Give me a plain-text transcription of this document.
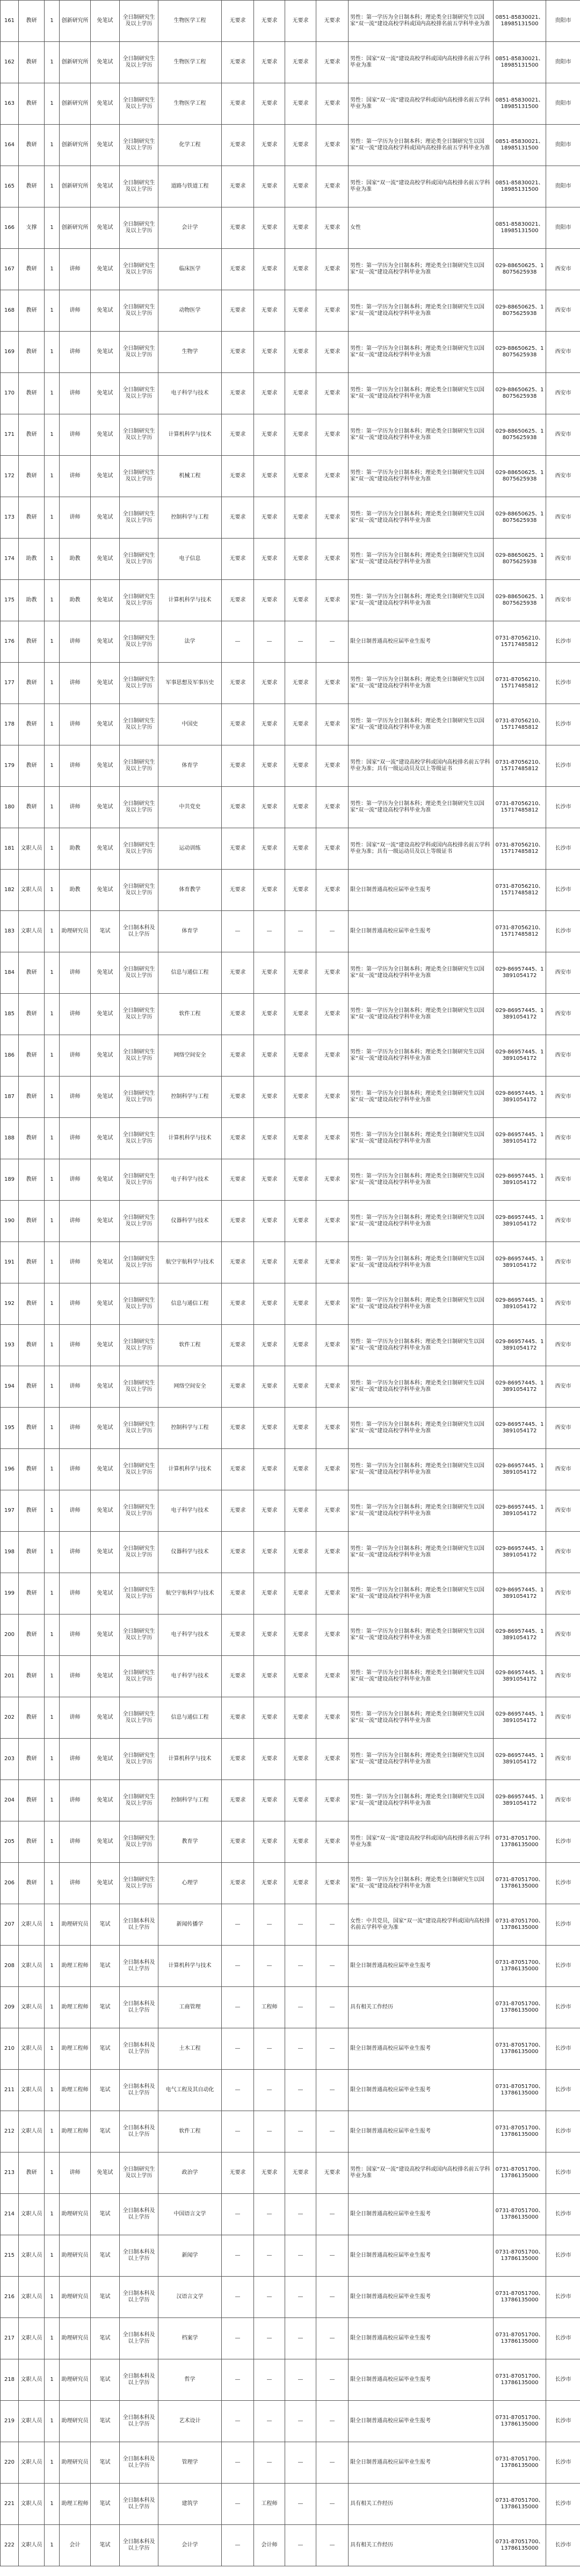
161	教研	1	创新研究所	免笔试	全日制研究生及以上学历	生物医学工程	无要求	无要求	无要求	无要求	男性：第一学历为全日制本科；理论类全日制研究生以国家“双一流”建设高校学科或国内高校排名前五学科毕业为准	0851-85830021、18985131500	贵阳市
162	教研	1	创新研究所	免笔试	全日制研究生及以上学历	生物医学工程	无要求	无要求	无要求	无要求	男性：国家“双一流”建设高校学科或国内高校排名前五学科毕业为准	0851-85830021、18985131500	贵阳市
163	教研	1	创新研究所	免笔试	全日制研究生及以上学历	生物医学工程	无要求	无要求	无要求	无要求	男性：国家“双一流”建设高校学科或国内高校排名前五学科毕业为准	0851-85830021、18985131500	贵阳市
164	教研	1	创新研究所	免笔试	全日制研究生及以上学历	化学工程	无要求	无要求	无要求	无要求	男性：第一学历为全日制本科；理论类全日制研究生以国家“双一流”建设高校学科或国内高校排名前五学科毕业为准	0851-85830021、18985131500	贵阳市
165	教研	1	创新研究所	免笔试	全日制研究生及以上学历	道路与铁道工程	无要求	无要求	无要求	无要求	男性：国家“双一流”建设高校学科或国内高校排名前五学科毕业为准	0851-85830021、18985131500	贵阳市
166	支撑	1	创新研究所	免笔试	全日制研究生及以上学历	会计学	无要求	无要求	无要求	无要求	女性	0851-85830021、18985131500	贵阳市
167	教研	1	讲师	免笔试	全日制研究生及以上学历	临床医学	无要求	无要求	无要求	无要求	男性：第一学历为全日制本科；理论类全日制研究生以国家“双一流”建设高校学科毕业为准	029-88650625、18075625938	西安市
168	教研	1	讲师	免笔试	全日制研究生及以上学历	动物医学	无要求	无要求	无要求	无要求	男性：第一学历为全日制本科；理论类全日制研究生以国家“双一流”建设高校学科毕业为准	029-88650625、18075625938	西安市
169	教研	1	讲师	免笔试	全日制研究生及以上学历	生物学	无要求	无要求	无要求	无要求	男性：第一学历为全日制本科；理论类全日制研究生以国家“双一流”建设高校学科毕业为准	029-88650625、18075625938	西安市
170	教研	1	讲师	免笔试	全日制研究生及以上学历	电子科学与技术	无要求	无要求	无要求	无要求	男性：第一学历为全日制本科；理论类全日制研究生以国家“双一流”建设高校学科毕业为准	029-88650625、18075625938	西安市
171	教研	1	讲师	免笔试	全日制研究生及以上学历	计算机科学与技术	无要求	无要求	无要求	无要求	男性：第一学历为全日制本科；理论类全日制研究生以国家“双一流”建设高校学科毕业为准	029-88650625、18075625938	西安市
172	教研	1	讲师	免笔试	全日制研究生及以上学历	机械工程	无要求	无要求	无要求	无要求	男性：第一学历为全日制本科；理论类全日制研究生以国家“双一流”建设高校学科毕业为准	029-88650625、18075625938	西安市
173	教研	1	讲师	免笔试	全日制研究生及以上学历	控制科学与工程	无要求	无要求	无要求	无要求	男性：第一学历为全日制本科；理论类全日制研究生以国家“双一流”建设高校学科毕业为准	029-88650625、18075625938	西安市
174	助教	1	助教	免笔试	全日制研究生及以上学历	电子信息	无要求	无要求	无要求	无要求	男性：第一学历为全日制本科；理论类全日制研究生以国家“双一流”建设高校学科毕业为准	029-88650625、18075625938	西安市
175	助教	1	助教	免笔试	全日制研究生及以上学历	计算机科学与技术	无要求	无要求	无要求	无要求	男性：第一学历为全日制本科；理论类全日制研究生以国家“双一流”建设高校学科毕业为准	029-88650625、18075625938	西安市
176	教研	1	讲师	免笔试	全日制研究生及以上学历	法学	—	—	—	—	限全日制普通高校应届毕业生报考	0731-87056210、15717485812	长沙市
177	教研	1	讲师	免笔试	全日制研究生及以上学历	军事思想及军事历史	无要求	无要求	无要求	无要求	男性：第一学历为全日制本科；理论类全日制研究生以国家“双一流”建设高校学科毕业为准	0731-87056210、15717485812	长沙市
178	教研	1	讲师	免笔试	全日制研究生及以上学历	中国史	无要求	无要求	无要求	无要求	男性：第一学历为全日制本科；理论类全日制研究生以国家“双一流”建设高校学科毕业为准	0731-87056210、15717485812	长沙市
179	教研	1	讲师	免笔试	全日制研究生及以上学历	体育学	无要求	无要求	无要求	无要求	男性：国家“双一流”建设高校学科或国内高校排名前五学科毕业为准；具有一级运动员及以上等级证书	0731-87056210、15717485812	长沙市
180	教研	1	讲师	免笔试	全日制研究生及以上学历	中共党史	无要求	无要求	无要求	无要求	男性：第一学历为全日制本科；理论类全日制研究生以国家“双一流”建设高校学科毕业为准	0731-87056210、15717485812	长沙市
181	文职人员	1	助教	免笔试	全日制研究生及以上学历	运动训练	无要求	无要求	无要求	无要求	男性：国家“双一流”建设高校学科或国内高校排名前五学科毕业为准；具有一级运动员及以上等级证书	0731-87056210、15717485812	长沙市
182	文职人员	1	助教	免笔试	全日制研究生及以上学历	体育教学	无要求	无要求	无要求	无要求	限全日制普通高校应届毕业生报考	0731-87056210、15717485812	长沙市
183	文职人员	1	助理研究员	笔试	全日制本科及以上学历	体育学	—	—	—	—	限全日制普通高校应届毕业生报考	0731-87056210、15717485812	长沙市
184	教研	1	讲师	免笔试	全日制研究生及以上学历	信息与通信工程	无要求	无要求	无要求	无要求	男性：第一学历为全日制本科；理论类全日制研究生以国家“双一流”建设高校学科毕业为准	029-86957445、13891054172	西安市
185	教研	1	讲师	免笔试	全日制研究生及以上学历	软件工程	无要求	无要求	无要求	无要求	男性：第一学历为全日制本科；理论类全日制研究生以国家“双一流”建设高校学科毕业为准	029-86957445、13891054172	西安市
186	教研	1	讲师	免笔试	全日制研究生及以上学历	网络空间安全	无要求	无要求	无要求	无要求	男性：第一学历为全日制本科；理论类全日制研究生以国家“双一流”建设高校学科毕业为准	029-86957445、13891054172	西安市
187	教研	1	讲师	免笔试	全日制研究生及以上学历	控制科学与工程	无要求	无要求	无要求	无要求	男性：第一学历为全日制本科；理论类全日制研究生以国家“双一流”建设高校学科毕业为准	029-86957445、13891054172	西安市
188	教研	1	讲师	免笔试	全日制研究生及以上学历	计算机科学与技术	无要求	无要求	无要求	无要求	男性：第一学历为全日制本科；理论类全日制研究生以国家“双一流”建设高校学科毕业为准	029-86957445、13891054172	西安市
189	教研	1	讲师	免笔试	全日制研究生及以上学历	电子科学与技术	无要求	无要求	无要求	无要求	男性：第一学历为全日制本科；理论类全日制研究生以国家“双一流”建设高校学科毕业为准	029-86957445、13891054172	西安市
190	教研	1	讲师	免笔试	全日制研究生及以上学历	仪器科学与技术	无要求	无要求	无要求	无要求	男性：第一学历为全日制本科；理论类全日制研究生以国家“双一流”建设高校学科毕业为准	029-86957445、13891054172	西安市
191	教研	1	讲师	免笔试	全日制研究生及以上学历	航空宇航科学与技术	无要求	无要求	无要求	无要求	男性：第一学历为全日制本科；理论类全日制研究生以国家“双一流”建设高校学科毕业为准	029-86957445、13891054172	西安市
192	教研	1	讲师	免笔试	全日制研究生及以上学历	信息与通信工程	无要求	无要求	无要求	无要求	男性：第一学历为全日制本科；理论类全日制研究生以国家“双一流”建设高校学科毕业为准	029-86957445、13891054172	西安市
193	教研	1	讲师	免笔试	全日制研究生及以上学历	软件工程	无要求	无要求	无要求	无要求	男性：第一学历为全日制本科；理论类全日制研究生以国家“双一流”建设高校学科毕业为准	029-86957445、13891054172	西安市
194	教研	1	讲师	免笔试	全日制研究生及以上学历	网络空间安全	无要求	无要求	无要求	无要求	男性：第一学历为全日制本科；理论类全日制研究生以国家“双一流”建设高校学科毕业为准	029-86957445、13891054172	西安市
195	教研	1	讲师	免笔试	全日制研究生及以上学历	控制科学与工程	无要求	无要求	无要求	无要求	男性：第一学历为全日制本科；理论类全日制研究生以国家“双一流”建设高校学科毕业为准	029-86957445、13891054172	西安市
196	教研	1	讲师	免笔试	全日制研究生及以上学历	计算机科学与技术	无要求	无要求	无要求	无要求	男性：第一学历为全日制本科；理论类全日制研究生以国家“双一流”建设高校学科毕业为准	029-86957445、13891054172	西安市
197	教研	1	讲师	免笔试	全日制研究生及以上学历	电子科学与技术	无要求	无要求	无要求	无要求	男性：第一学历为全日制本科；理论类全日制研究生以国家“双一流”建设高校学科毕业为准	029-86957445、13891054172	西安市
198	教研	1	讲师	免笔试	全日制研究生及以上学历	仪器科学与技术	无要求	无要求	无要求	无要求	男性：第一学历为全日制本科；理论类全日制研究生以国家“双一流”建设高校学科毕业为准	029-86957445、13891054172	西安市
199	教研	1	讲师	免笔试	全日制研究生及以上学历	航空宇航科学与技术	无要求	无要求	无要求	无要求	男性：第一学历为全日制本科；理论类全日制研究生以国家“双一流”建设高校学科毕业为准	029-86957445、13891054172	西安市
200	教研	1	讲师	免笔试	全日制研究生及以上学历	电子科学与技术	无要求	无要求	无要求	无要求	男性：第一学历为全日制本科；理论类全日制研究生以国家“双一流”建设高校学科毕业为准	029-86957445、13891054172	西安市
201	教研	1	讲师	免笔试	全日制研究生及以上学历	电子科学与技术	无要求	无要求	无要求	无要求	男性：第一学历为全日制本科；理论类全日制研究生以国家“双一流”建设高校学科毕业为准	029-86957445、13891054172	西安市
202	教研	1	讲师	免笔试	全日制研究生及以上学历	信息与通信工程	无要求	无要求	无要求	无要求	男性：第一学历为全日制本科；理论类全日制研究生以国家“双一流”建设高校学科毕业为准	029-86957445、13891054172	西安市
203	教研	1	讲师	免笔试	全日制研究生及以上学历	计算机科学与技术	无要求	无要求	无要求	无要求	男性：第一学历为全日制本科；理论类全日制研究生以国家“双一流”建设高校学科毕业为准	029-86957445、13891054172	西安市
204	教研	1	讲师	免笔试	全日制研究生及以上学历	控制科学与工程	无要求	无要求	无要求	无要求	男性：第一学历为全日制本科；理论类全日制研究生以国家“双一流”建设高校学科毕业为准	029-86957445、13891054172	西安市
205	教研	1	讲师	免笔试	全日制研究生及以上学历	教育学	无要求	无要求	无要求	无要求	男性：国家“双一流”建设高校学科或国内高校排名前五学科毕业为准	0731-87051700、13786135000	长沙市
206	教研	1	讲师	免笔试	全日制研究生及以上学历	心理学	无要求	无要求	无要求	无要求	男性：第一学历为全日制本科；理论类全日制研究生以国家“双一流”建设高校学科毕业为准	0731-87051700、13786135000	长沙市
207	文职人员	1	助理研究员	笔试	全日制本科及以上学历	新闻传播学	—	—	—	—	女性：中共党员，国家“双一流”建设高校学科或国内高校排名前五学科毕业为准	0731-87051700、13786135000	长沙市
208	文职人员	1	助理工程师	笔试	全日制本科及以上学历	计算机科学与技术	—	—	—	—	限全日制普通高校应届毕业生报考	0731-87051700、13786135000	长沙市
209	文职人员	1	助理工程师	笔试	全日制本科及以上学历	工商管理	—	工程师	—	—	具有相关工作经历	0731-87051700、13786135000	长沙市
210	文职人员	1	助理工程师	笔试	全日制本科及以上学历	土木工程	—	—	—	—	限全日制普通高校应届毕业生报考	0731-87051700、13786135000	长沙市
211	文职人员	1	助理工程师	笔试	全日制本科及以上学历	电气工程及其自动化	—	—	—	—	限全日制普通高校应届毕业生报考	0731-87051700、13786135000	长沙市
212	文职人员	1	助理工程师	笔试	全日制本科及以上学历	软件工程	—	—	—	—	限全日制普通高校应届毕业生报考	0731-87051700、13786135000	长沙市
213	教研	1	讲师	免笔试	全日制研究生及以上学历	政治学	无要求	无要求	无要求	无要求	男性：国家“双一流”建设高校学科或国内高校排名前五学科毕业为准	0731-87051700、13786135000	长沙市
214	文职人员	1	助理研究员	笔试	全日制本科及以上学历	中国语言文学	—	—	—	—	限全日制普通高校应届毕业生报考	0731-87051700、13786135000	长沙市
215	文职人员	1	助理研究员	笔试	全日制本科及以上学历	新闻学	—	—	—	—	限全日制普通高校应届毕业生报考	0731-87051700、13786135000	长沙市
216	文职人员	1	助理研究员	笔试	全日制本科及以上学历	汉语言文学	—	—	—	—	限全日制普通高校应届毕业生报考	0731-87051700、13786135000	长沙市
217	文职人员	1	助理研究员	笔试	全日制本科及以上学历	档案学	—	—	—	—	限全日制普通高校应届毕业生报考	0731-87051700、13786135000	长沙市
218	文职人员	1	助理研究员	笔试	全日制本科及以上学历	哲学	—	—	—	—	限全日制普通高校应届毕业生报考	0731-87051700、13786135000	长沙市
219	文职人员	1	助理研究员	笔试	全日制本科及以上学历	艺术设计	—	—	—	—	限全日制普通高校应届毕业生报考	0731-87051700、13786135000	长沙市
220	文职人员	1	助理研究员	笔试	全日制本科及以上学历	管理学	—	—	—	—	限全日制普通高校应届毕业生报考	0731-87051700、13786135000	长沙市
221	文职人员	1	助理工程师	笔试	全日制本科及以上学历	建筑学	—	工程师	—	—	具有相关工作经历	0731-87051700、13786135000	长沙市
222	文职人员	1	会计	笔试	全日制本科及以上学历	会计学	—	会计师	—	—	具有相关工作经历	0731-87051700、13786135000	长沙市
